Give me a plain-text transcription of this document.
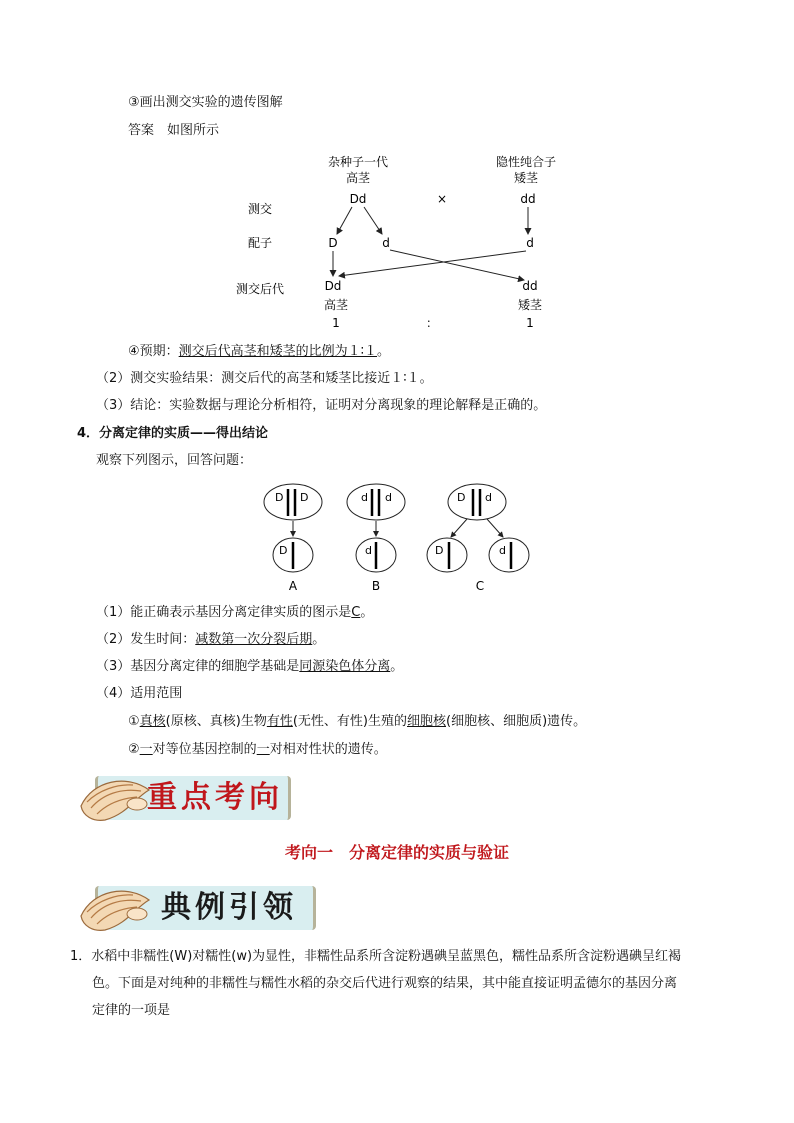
③画出测交实验的遗传图解
答案　如图所示
杂种子一代
高茎
隐性纯合子
矮茎
测交
配子
测交后代
Dd	×	dd
D	d	d
Dd	dd
高茎	矮茎
1	：	1
④预期：测交后代高茎和矮茎的比例为１∶１。
（2）测交实验结果：测交后代的高茎和矮茎比接近１∶１。
（3）结论：实验数据与理论分析相符，证明对分离现象的理论解释是正确的。
4．分离定律的实质——得出结论
观察下列图示，回答问题：
D D
D
A
d d
d
B
D d
D	d
C
（1）能正确表示基因分离定律实质的图示是C。
（2）发生时间：减数第一次分裂后期。
（3）基因分离定律的细胞学基础是同源染色体分离。
（4）适用范围
①真核(原核、真核)生物有性(无性、有性)生殖的细胞核(细胞核、细胞质)遗传。
②一对等位基因控制的一对相对性状的遗传。
重点考向
考向一　分离定律的实质与验证
典例引领
1．水稻中非糯性(W)对糯性(w)为显性，非糯性品系所含淀粉遇碘呈蓝黑色，糯性品系所含淀粉遇碘呈红褐
色。下面是对纯种的非糯性与糯性水稻的杂交后代进行观察的结果，其中能直接证明孟德尔的基因分离
定律的一项是
